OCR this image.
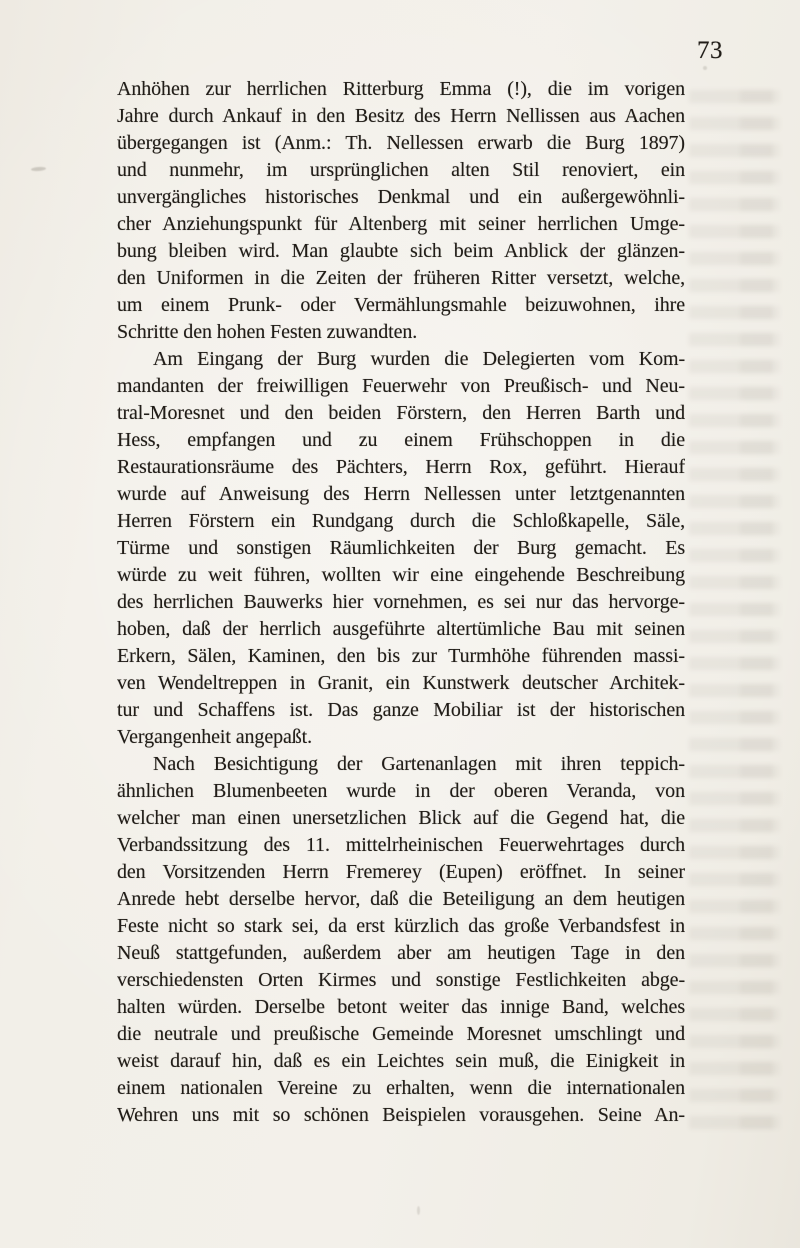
73
Anhöhen zur herrlichen Ritterburg Emma (!), die im vorigen
Jahre durch Ankauf in den Besitz des Herrn Nellissen aus Aachen
übergegangen ist (Anm.: Th. Nellessen erwarb die Burg 1897)
und nunmehr, im ursprünglichen alten Stil renoviert, ein
unvergängliches historisches Denkmal und ein außergewöhnli-
cher Anziehungspunkt für Altenberg mit seiner herrlichen Umge-
bung bleiben wird. Man glaubte sich beim Anblick der glänzen-
den Uniformen in die Zeiten der früheren Ritter versetzt, welche,
um einem Prunk- oder Vermählungsmahle beizuwohnen, ihre
Schritte den hohen Festen zuwandten.
Am Eingang der Burg wurden die Delegierten vom Kom-
mandanten der freiwilligen Feuerwehr von Preußisch- und Neu-
tral-Moresnet und den beiden Förstern, den Herren Barth und
Hess, empfangen und zu einem Frühschoppen in die
Restaurationsräume des Pächters, Herrn Rox, geführt. Hierauf
wurde auf Anweisung des Herrn Nellessen unter letztgenannten
Herren Förstern ein Rundgang durch die Schloßkapelle, Säle,
Türme und sonstigen Räumlichkeiten der Burg gemacht. Es
würde zu weit führen, wollten wir eine eingehende Beschreibung
des herrlichen Bauwerks hier vornehmen, es sei nur das hervorge-
hoben, daß der herrlich ausgeführte altertümliche Bau mit seinen
Erkern, Sälen, Kaminen, den bis zur Turmhöhe führenden massi-
ven Wendeltreppen in Granit, ein Kunstwerk deutscher Architek-
tur und Schaffens ist. Das ganze Mobiliar ist der historischen
Vergangenheit angepaßt.
Nach Besichtigung der Gartenanlagen mit ihren teppich-
ähnlichen Blumenbeeten wurde in der oberen Veranda, von
welcher man einen unersetzlichen Blick auf die Gegend hat, die
Verbandssitzung des 11. mittelrheinischen Feuerwehrtages durch
den Vorsitzenden Herrn Fremerey (Eupen) eröffnet. In seiner
Anrede hebt derselbe hervor, daß die Beteiligung an dem heutigen
Feste nicht so stark sei, da erst kürzlich das große Verbandsfest in
Neuß stattgefunden, außerdem aber am heutigen Tage in den
verschiedensten Orten Kirmes und sonstige Festlichkeiten abge-
halten würden. Derselbe betont weiter das innige Band, welches
die neutrale und preußische Gemeinde Moresnet umschlingt und
weist darauf hin, daß es ein Leichtes sein muß, die Einigkeit in
einem nationalen Vereine zu erhalten, wenn die internationalen
Wehren uns mit so schönen Beispielen vorausgehen. Seine An-
